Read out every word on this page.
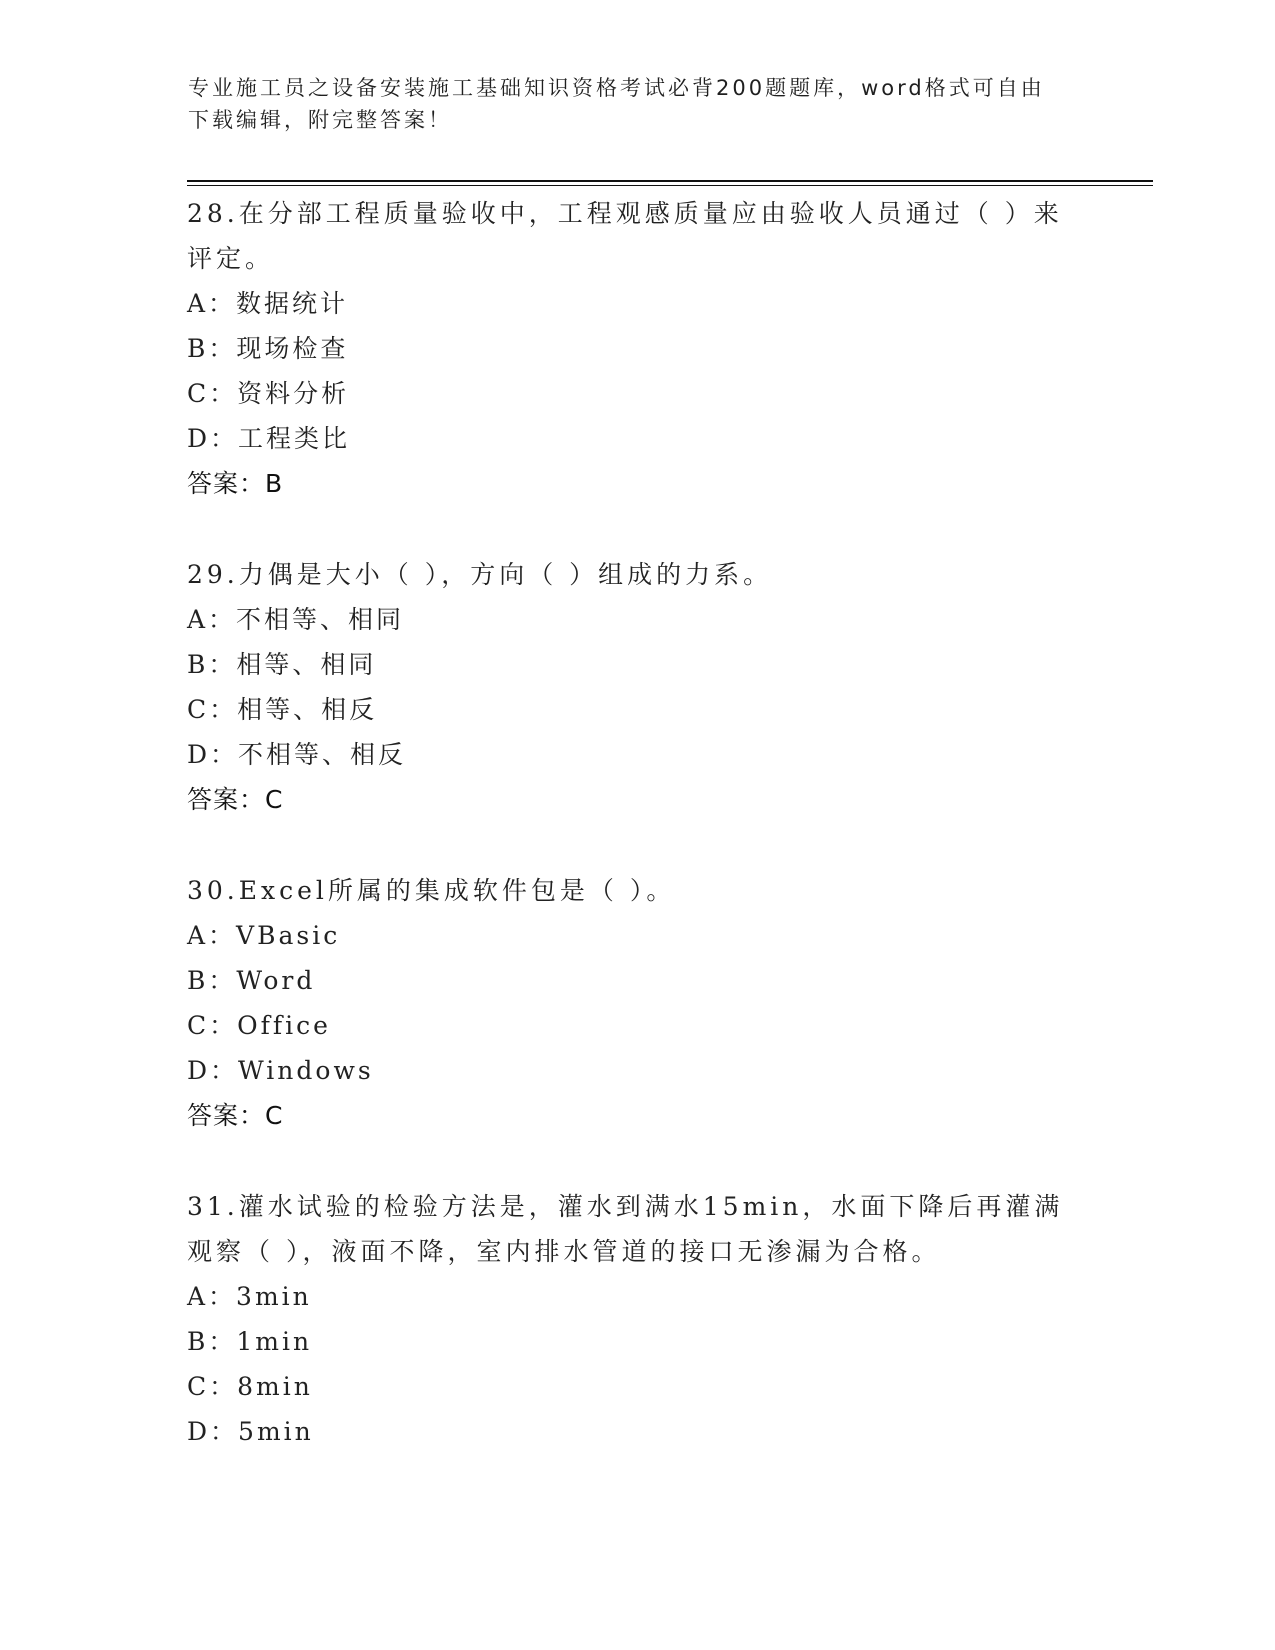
专业施工员之设备安装施工基础知识资格考试必背200题题库，word格式可自由
下载编辑，附完整答案！
28.在分部工程质量验收中，工程观感质量应由验收人员通过（ ）来评定。
A：数据统计
B：现场检查
C：资料分析
D：工程类比
答案：B
29.力偶是大小（ ），方向（ ）组成的力系。
A：不相等、相同
B：相等、相同
C：相等、相反
D：不相等、相反
答案：C
30.Excel所属的集成软件包是（ ）。
A：VBasic
B：Word
C：Office
D：Windows
答案：C
31.灌水试验的检验方法是，灌水到满水15min，水面下降后再灌满观察（ ），液面不降，室内排水管道的接口无渗漏为合格。
A：3min
B：1min
C：8min
D：5min
